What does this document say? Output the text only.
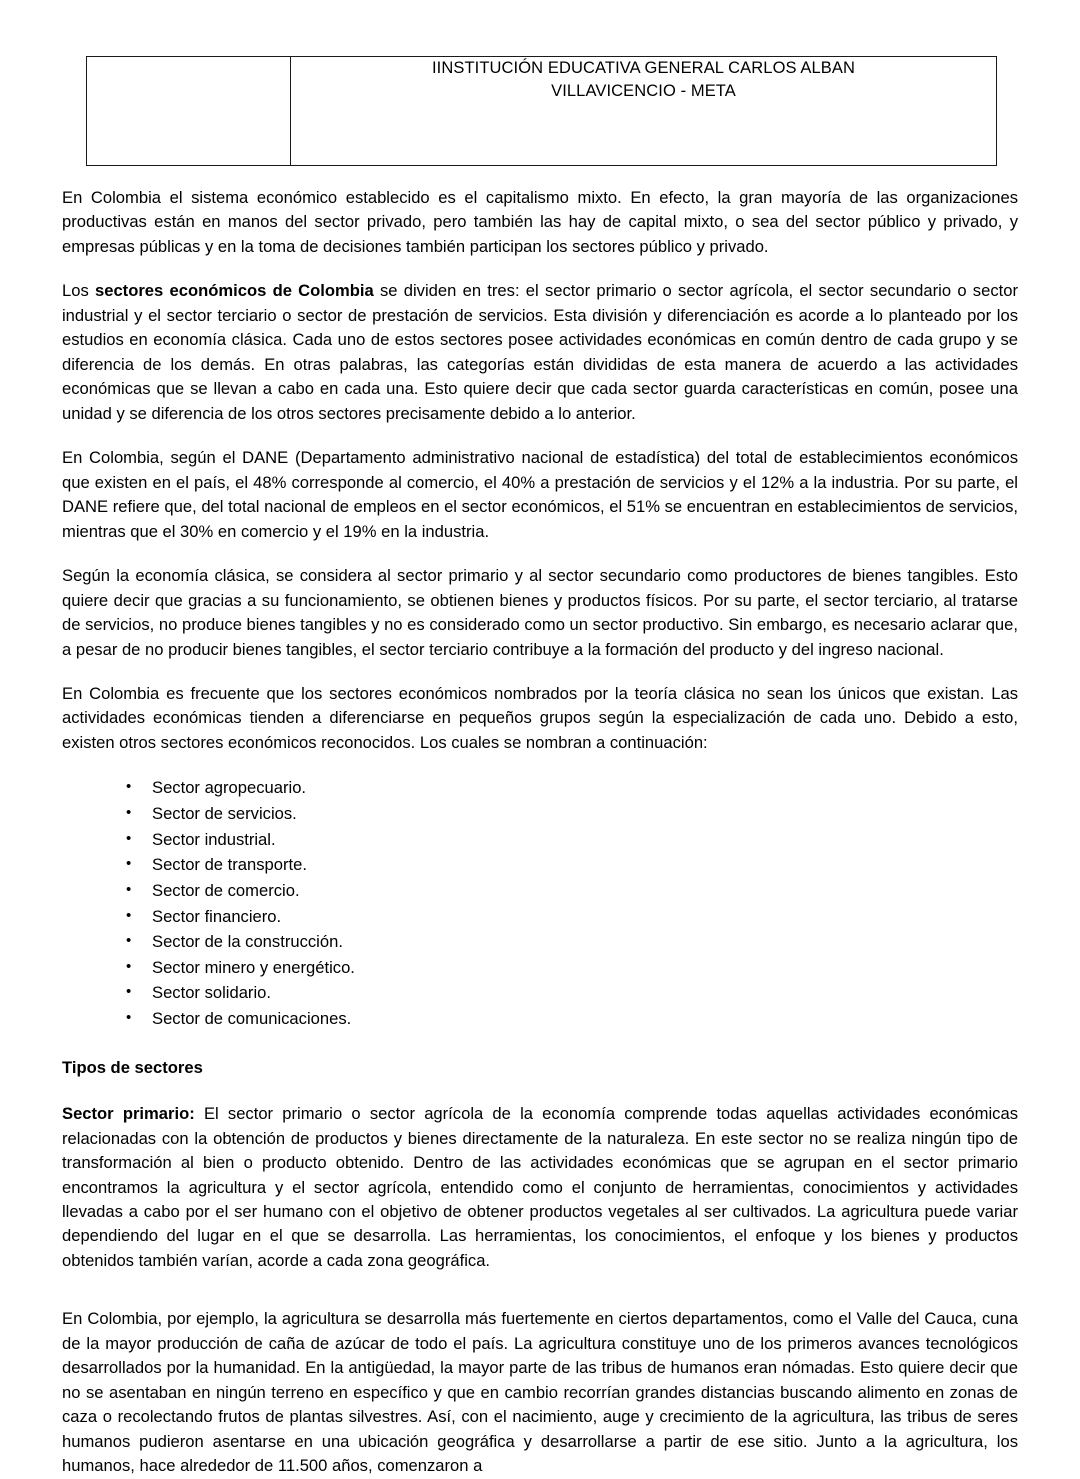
IINSTITUCIÓN EDUCATIVA GENERAL CARLOS ALBAN
VILLAVICENCIO - META

En Colombia el sistema económico establecido es el capitalismo mixto. En efecto, la gran mayoría de las organizaciones productivas están en manos del sector privado, pero también las hay de capital mixto, o sea del sector público y privado, y empresas públicas y en la toma de decisiones también participan los sectores público y privado.

Los sectores económicos de Colombia se dividen en tres: el sector primario o sector agrícola, el sector secundario o sector industrial y el sector terciario o sector de prestación de servicios. Esta división y diferenciación es acorde a lo planteado por los estudios en economía clásica. Cada uno de estos sectores posee actividades económicas en común dentro de cada grupo y se diferencia de los demás. En otras palabras, las categorías están divididas de esta manera de acuerdo a las actividades económicas que se llevan a cabo en cada una. Esto quiere decir que cada sector guarda características en común, posee una unidad y se diferencia de los otros sectores precisamente debido a lo anterior.

En Colombia, según el DANE (Departamento administrativo nacional de estadística) del total de establecimientos económicos que existen en el país, el 48% corresponde al comercio, el 40% a prestación de servicios y el 12% a la industria. Por su parte, el DANE refiere que, del total nacional de empleos en el sector económicos, el 51% se encuentran en establecimientos de servicios, mientras que el 30% en comercio y el 19% en la industria.

Según la economía clásica, se considera al sector primario y al sector secundario como productores de bienes tangibles. Esto quiere decir que gracias a su funcionamiento, se obtienen bienes y productos físicos. Por su parte, el sector terciario, al tratarse de servicios, no produce bienes tangibles y no es considerado como un sector productivo. Sin embargo, es necesario aclarar que, a pesar de no producir bienes tangibles, el sector terciario contribuye a la formación del producto y del ingreso nacional.

En Colombia es frecuente que los sectores económicos nombrados por la teoría clásica no sean los únicos que existan. Las actividades económicas tienden a diferenciarse en pequeños grupos según la especialización de cada uno. Debido a esto, existen otros sectores económicos reconocidos. Los cuales se nombran a continuación:

• Sector agropecuario.
• Sector de servicios.
• Sector industrial.
• Sector de transporte.
• Sector de comercio.
• Sector financiero.
• Sector de la construcción.
• Sector minero y energético.
• Sector solidario.
• Sector de comunicaciones.
Tipos de sectores

Sector primario: El sector primario o sector agrícola de la economía comprende todas aquellas actividades económicas relacionadas con la obtención de productos y bienes directamente de la naturaleza. En este sector no se realiza ningún tipo de transformación al bien o producto obtenido. Dentro de las actividades económicas que se agrupan en el sector primario encontramos la agricultura y el sector agrícola, entendido como el conjunto de herramientas, conocimientos y actividades llevadas a cabo por el ser humano con el objetivo de obtener productos vegetales al ser cultivados. La agricultura puede variar dependiendo del lugar en el que se desarrolla. Las herramientas, los conocimientos, el enfoque y los bienes y productos obtenidos también varían, acorde a cada zona geográfica.

En Colombia, por ejemplo, la agricultura se desarrolla más fuertemente en ciertos departamentos, como el Valle del Cauca, cuna de la mayor producción de caña de azúcar de todo el país. La agricultura constituye uno de los primeros avances tecnológicos desarrollados por la humanidad. En la antigüedad, la mayor parte de las tribus de humanos eran nómadas. Esto quiere decir que no se asentaban en ningún terreno en específico y que en cambio recorrían grandes distancias buscando alimento en zonas de caza o recolectando frutos de plantas silvestres. Así, con el nacimiento, auge y crecimiento de la agricultura, las tribus de seres humanos pudieron asentarse en una ubicación geográfica y desarrollarse a partir de ese sitio. Junto a la agricultura, los humanos, hace alrededor de 11.500 años, comenzaron a
